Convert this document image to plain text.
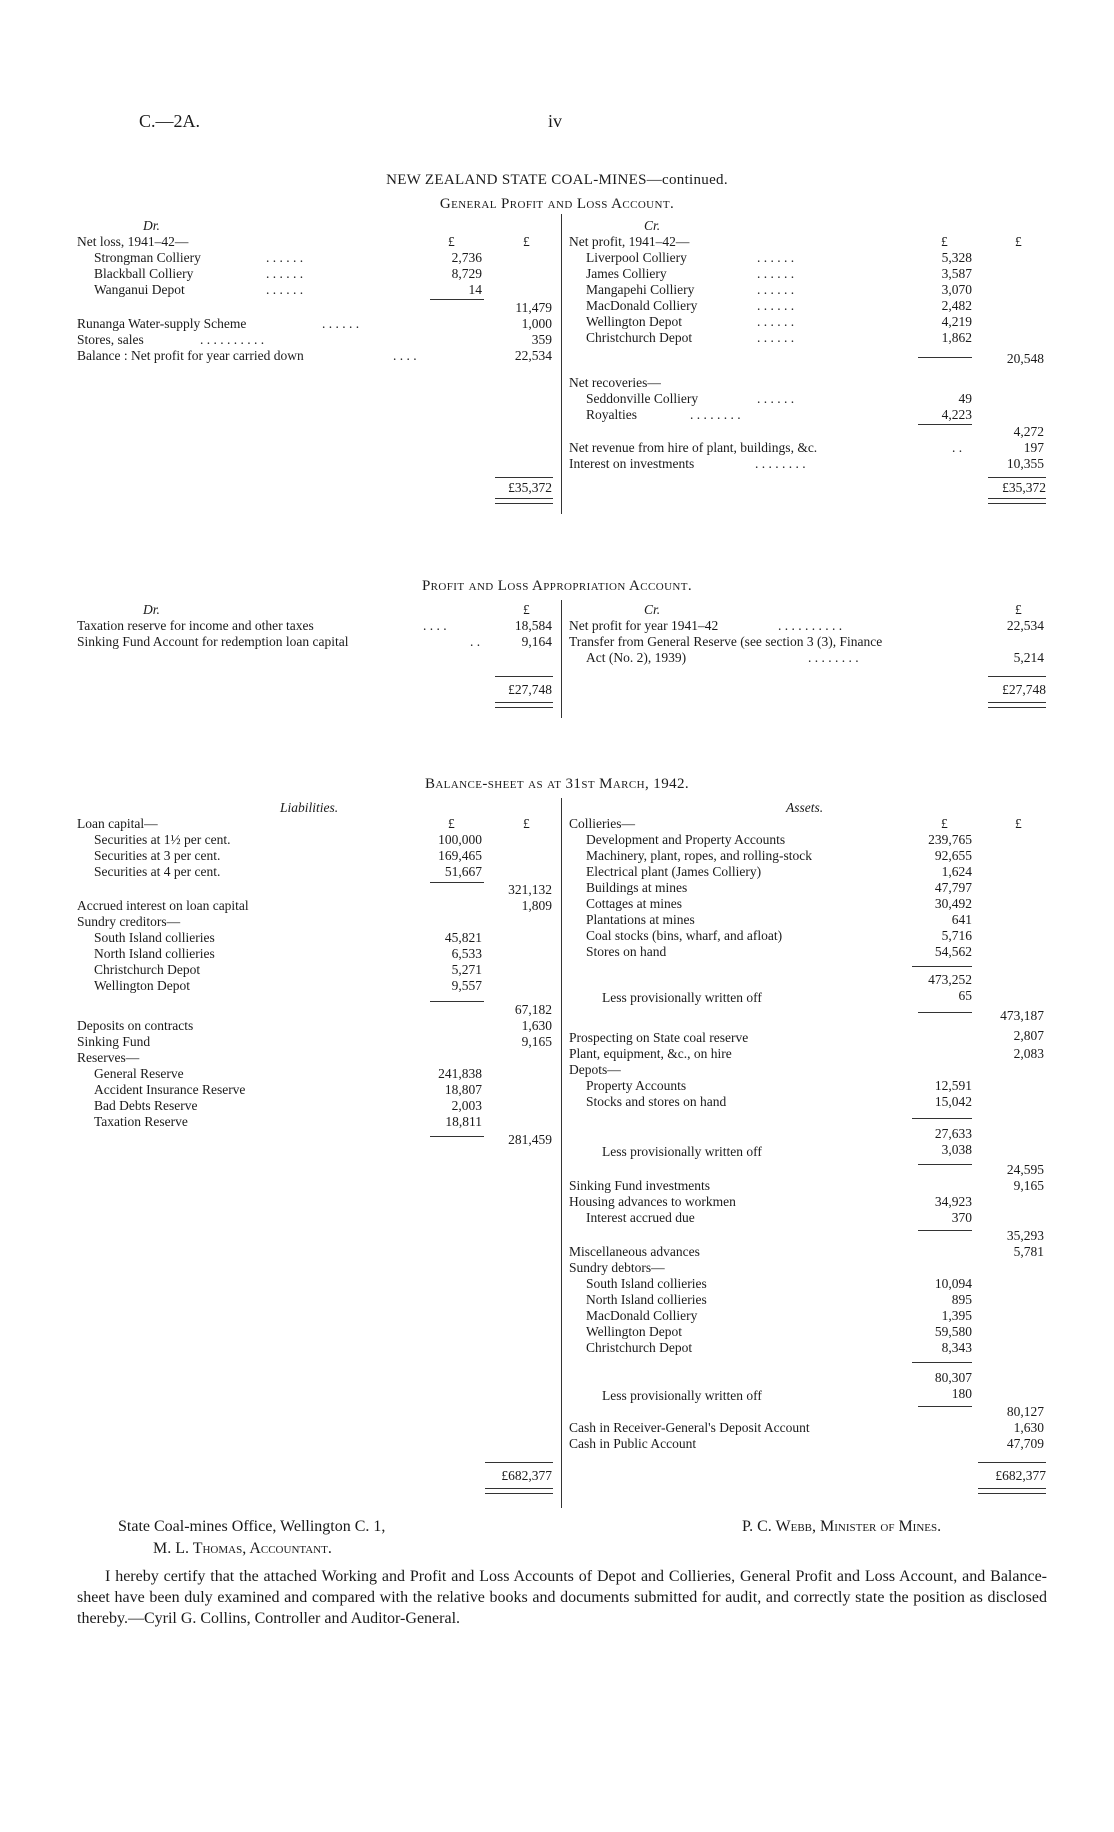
C.—2A.	iv
NEW ZEALAND STATE COAL-MINES—continued.
General Profit and Loss Account.
Dr.	Cr.
£	£	£	£
Net loss, 1941–42—
Strongman Colliery	. . . . . .	2,736
Blackball Colliery	. . . . . .	8,729
Wanganui Depot	. . . . . .	14
11,479
Runanga Water-supply Scheme	. . . . . .	1,000
Stores, sales	. . . . . . . . . .	359
Balance : Net profit for year carried down	. . . .	22,534
£35,372
Net profit, 1941–42—
Liverpool Colliery	. . . . . .	5,328
James Colliery	. . . . . .	3,587
Mangapehi Colliery	. . . . . .	3,070
MacDonald Colliery	. . . . . .	2,482
Wellington Depot	. . . . . .	4,219
Christchurch Depot	. . . . . .	1,862
20,548
Net recoveries—
Seddonville Colliery	. . . . . .	49
Royalties	. . . . . . . .	4,223
4,272
Net revenue from hire of plant, buildings, &c.	. .	197
Interest on investments	. . . . . . . .	10,355
£35,372
Profit and Loss Appropriation Account.
Dr.	Cr.
£	£
Taxation reserve for income and other taxes	. . . .	18,584
Sinking Fund Account for redemption loan capital	. .	9,164
£27,748
Net profit for year 1941–42	. . . . . . . . . .	22,534
Transfer from General Reserve (see section 3 (3), Finance
Act (No. 2), 1939)	. . . . . . . .	5,214
£27,748
Balance-sheet as at 31st March, 1942.
Liabilities.	Assets.
£	£	£	£
Loan capital—
Securities at 1½ per cent.	100,000
Securities at 3 per cent.	169,465
Securities at 4 per cent.	51,667
321,132
Accrued interest on loan capital	1,809
Sundry creditors—
South Island collieries	45,821
North Island collieries	6,533
Christchurch Depot	5,271
Wellington Depot	9,557
67,182
Deposits on contracts	1,630
Sinking Fund	9,165
Reserves—
General Reserve	241,838
Accident Insurance Reserve	18,807
Bad Debts Reserve	2,003
Taxation Reserve	18,811
281,459
£682,377
Collieries—
Development and Property Accounts	239,765
Machinery, plant, ropes, and rolling-stock	92,655
Electrical plant (James Colliery)	1,624
Buildings at mines	47,797
Cottages at mines	30,492
Plantations at mines	641
Coal stocks (bins, wharf, and afloat)	5,716
Stores on hand	54,562
473,252
Less provisionally written off	65
473,187
Prospecting on State coal reserve	2,807
Plant, equipment, &c., on hire	2,083
Depots—
Property Accounts	12,591
Stocks and stores on hand	15,042
27,633
Less provisionally written off	3,038
24,595
Sinking Fund investments	9,165
Housing advances to workmen	34,923
Interest accrued due	370
35,293
Miscellaneous advances	5,781
Sundry debtors—
South Island collieries	10,094
North Island collieries	895
MacDonald Colliery	1,395
Wellington Depot	59,580
Christchurch Depot	8,343
80,307
Less provisionally written off	180
80,127
Cash in Receiver-General's Deposit Account	1,630
Cash in Public Account	47,709
£682,377
State Coal-mines Office, Wellington C. 1,	P. C. Webb, Minister of Mines.
M. L. Thomas, Accountant.
I hereby certify that the attached Working and Profit and Loss Accounts of Depot and Collieries, General Profit and Loss Account, and Balance-sheet have been duly examined and compared with the relative books and documents submitted for audit, and correctly state the position as disclosed thereby.—Cyril G. Collins, Controller and Auditor-General.
